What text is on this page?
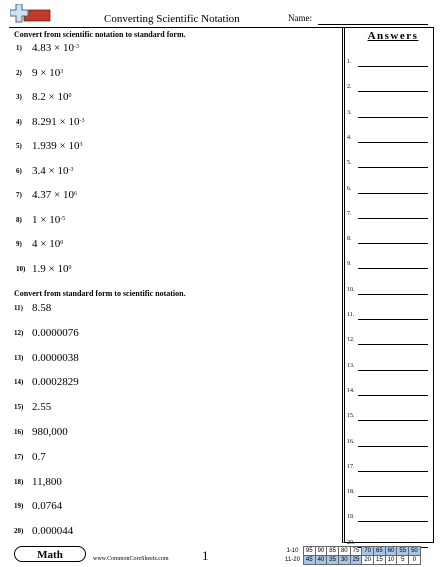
Converting Scientific Notation	Name:
Answers
1.
2.
3.
4.
5.
6.
7.
8.
9.
10.
11.
12.
13.
14.
15.
16.
17.
18.
19.
20.
Convert from scientific notation to standard form.
1) $4.83 \times 10^{-3}$
2) $9 \times 10^3$
3) $8.2 \times 10^0$
4) $8.291 \times 10^{-3}$
5) $1.939 \times 10^3$
6) $3.4 \times 10^{-3}$
7) $4.37 \times 10^6$
8) $1 \times 10^{-5}$
9) $4 \times 10^0$
10) $1.9 \times 10^0$
Convert from standard form to scientific notation.
11) 8.58
12) 0.0000076
13) 0.0000038
14) 0.0002829
15) 2.55
16) 980,000
17) 0.7
18) 11,800
19) 0.0764
20) 0.000044
Math	www.CommonCoreSheets.com	1	1-10	95	90	85	80	75	70	65	60	55	50
11-20	45	40	35	30	25	20	15	10	5	0
